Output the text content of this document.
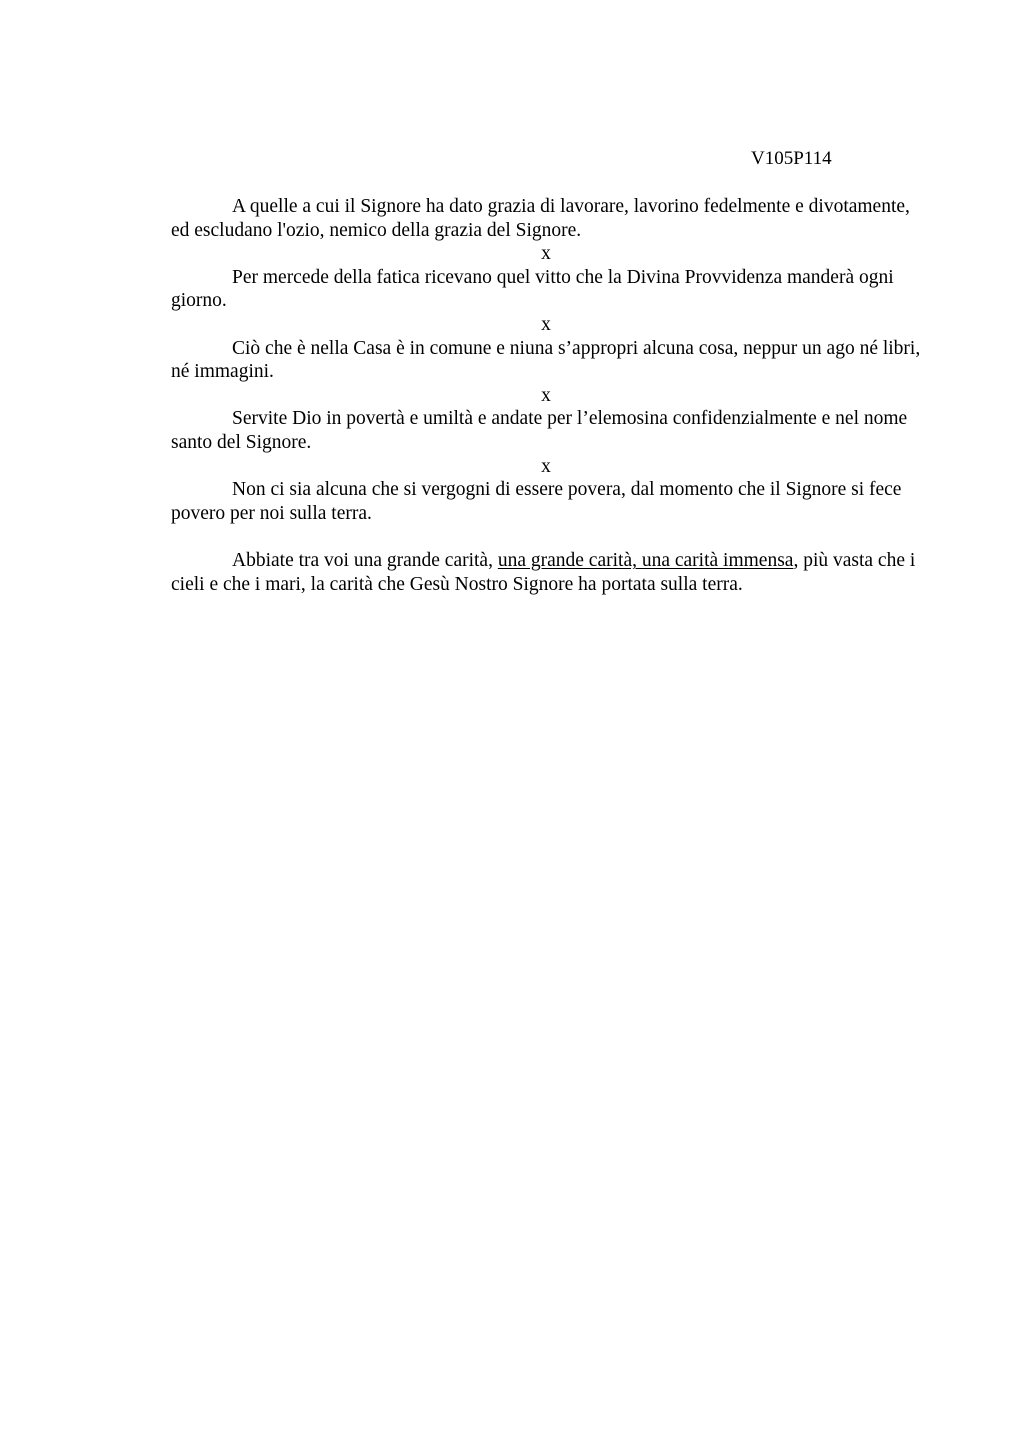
V105P114

A quelle a cui il Signore ha dato grazia di lavorare, lavorino fedelmente e divotamente, ed escludano l'ozio, nemico della grazia del Signore.

x

Per mercede della fatica ricevano quel vitto che la Divina Provvidenza manderà ogni giorno.

x

Ciò che è nella Casa è in comune e niuna s’appropri alcuna cosa, neppur un ago né libri, né immagini.

x

Servite Dio in povertà e umiltà e andate per l’elemosina confidenzialmente e nel nome santo del Signore.

x

Non ci sia alcuna che si vergogni di essere povera, dal momento che il Signore si fece povero per noi sulla terra.

Abbiate tra voi una grande carità, una grande carità, una carità immensa, più vasta che i cieli e che i mari, la carità che Gesù Nostro Signore ha portata sulla terra.
